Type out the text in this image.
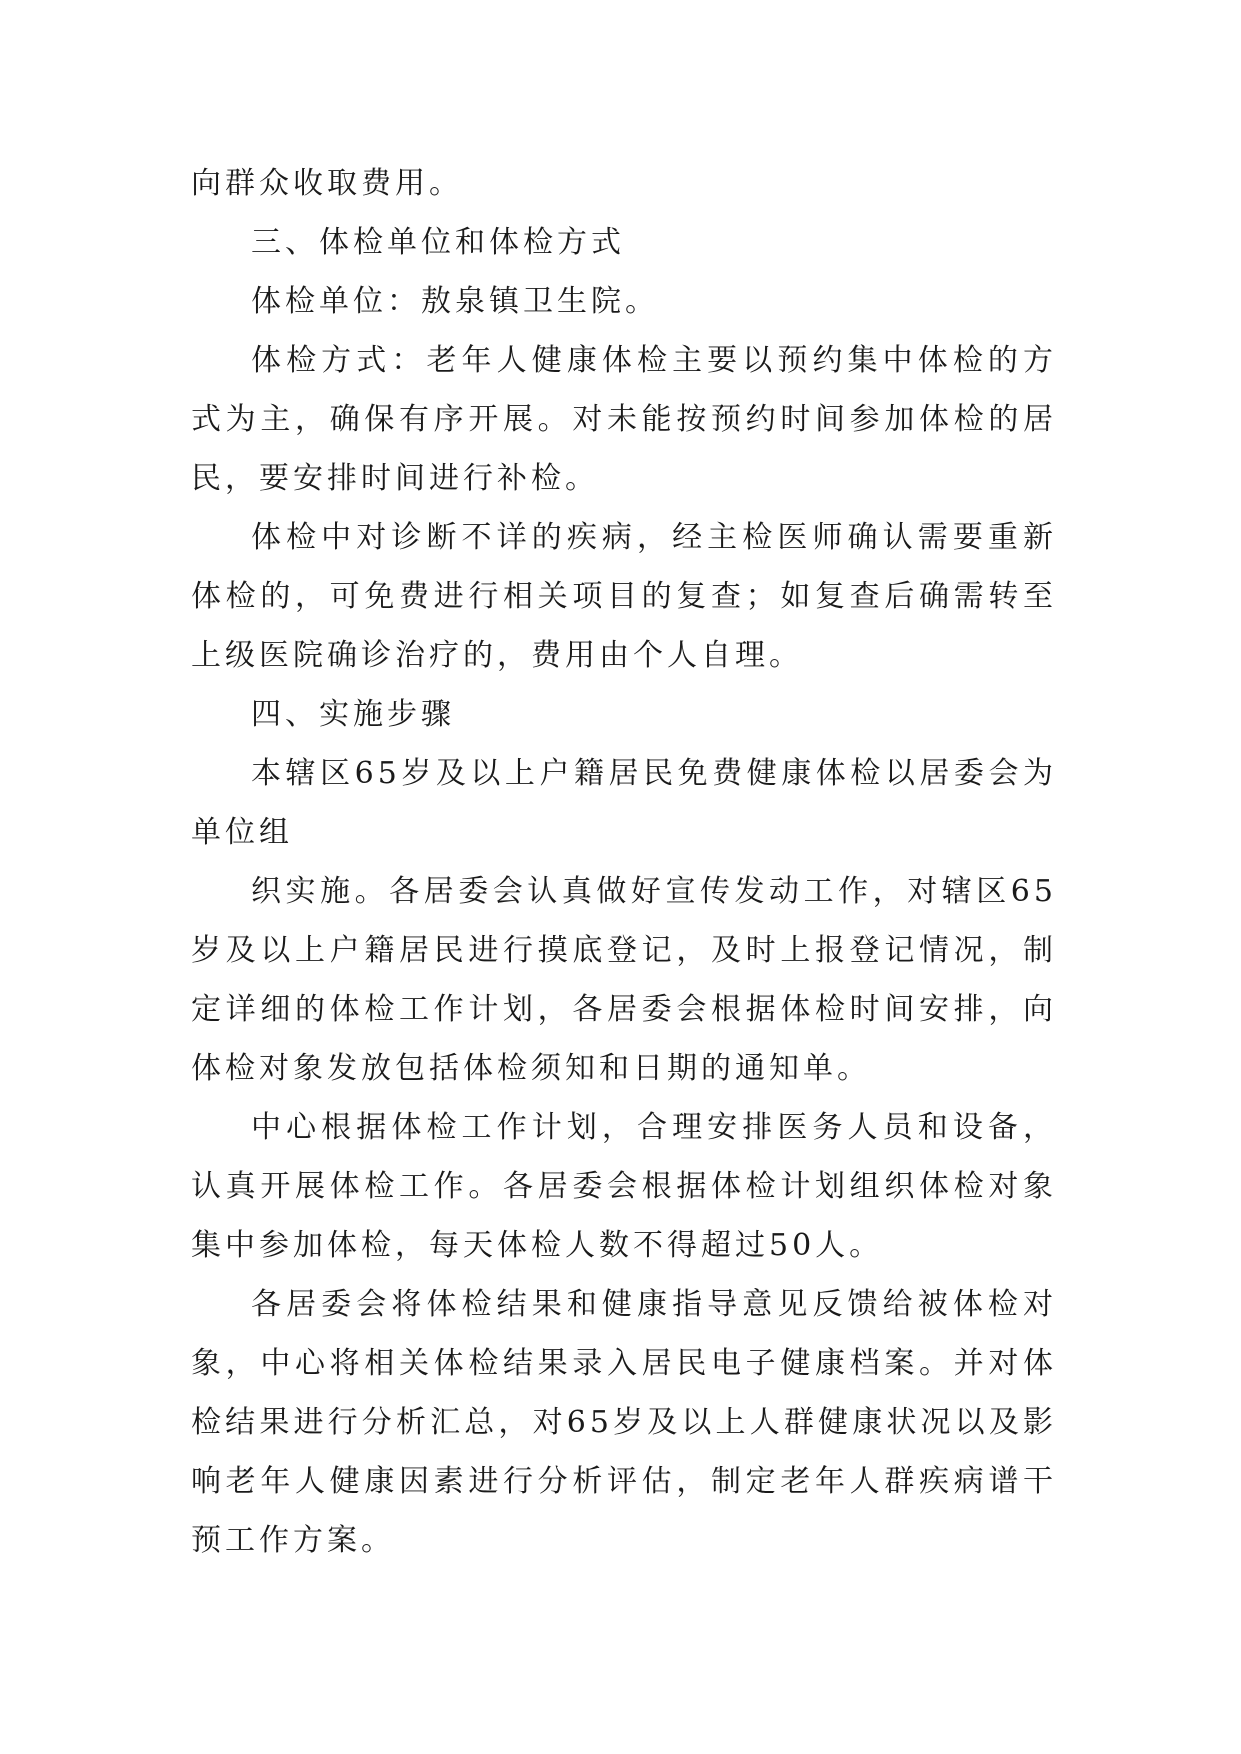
向群众收取费用。

三、体检单位和体检方式

体检单位：敖泉镇卫生院。

体检方式：老年人健康体检主要以预约集中体检的方式为主，确保有序开展。对未能按预约时间参加体检的居民，要安排时间进行补检。

体检中对诊断不详的疾病，经主检医师确认需要重新体检的，可免费进行相关项目的复查；如复查后确需转至上级医院确诊治疗的，费用由个人自理。

四、实施步骤

本辖区65岁及以上户籍居民免费健康体检以居委会为单位组

织实施。各居委会认真做好宣传发动工作，对辖区65岁及以上户籍居民进行摸底登记，及时上报登记情况，制定详细的体检工作计划，各居委会根据体检时间安排，向体检对象发放包括体检须知和日期的通知单。

中心根据体检工作计划，合理安排医务人员和设备，认真开展体检工作。各居委会根据体检计划组织体检对象集中参加体检，每天体检人数不得超过50人。

各居委会将体检结果和健康指导意见反馈给被体检对象，中心将相关体检结果录入居民电子健康档案。并对体检结果进行分析汇总，对65岁及以上人群健康状况以及影响老年人健康因素进行分析评估，制定老年人群疾病谱干预工作方案。
